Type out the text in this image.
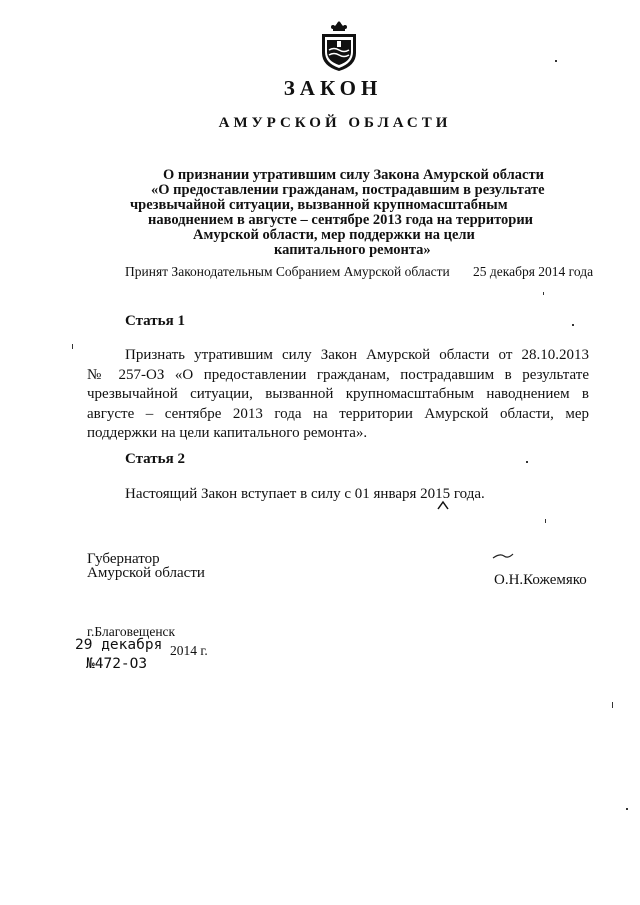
ЗАКОН
АМУРСКОЙ ОБЛАСТИ
О признании утратившим силу Закона Амурской области
«О предоставлении гражданам, пострадавшим в результате
чрезвычайной ситуации, вызванной крупномасштабным
наводнением в августе – сентябре 2013 года на территории
Амурской области, мер поддержки на цели
капитального ремонта»
Принят Законодательным Собранием Амурской области 25 декабря 2014 года
Статья 1
Признать утратившим силу Закон Амурской области от 28.10.2013
№ 257-ОЗ «О предоставлении гражданам, пострадавшим в результате
чрезвычайной ситуации, вызванной крупномасштабным наводнением в
августе – сентябре 2013 года на территории Амурской области, мер
поддержки на цели капитального ремонта».
Статья 2
Настоящий Закон вступает в силу с 01 января 2015 года.
Губернатор
Амурской области	О.Н.Кожемяко
г.Благовещенск
29 декабря 2014 г.
№472-ОЗ
